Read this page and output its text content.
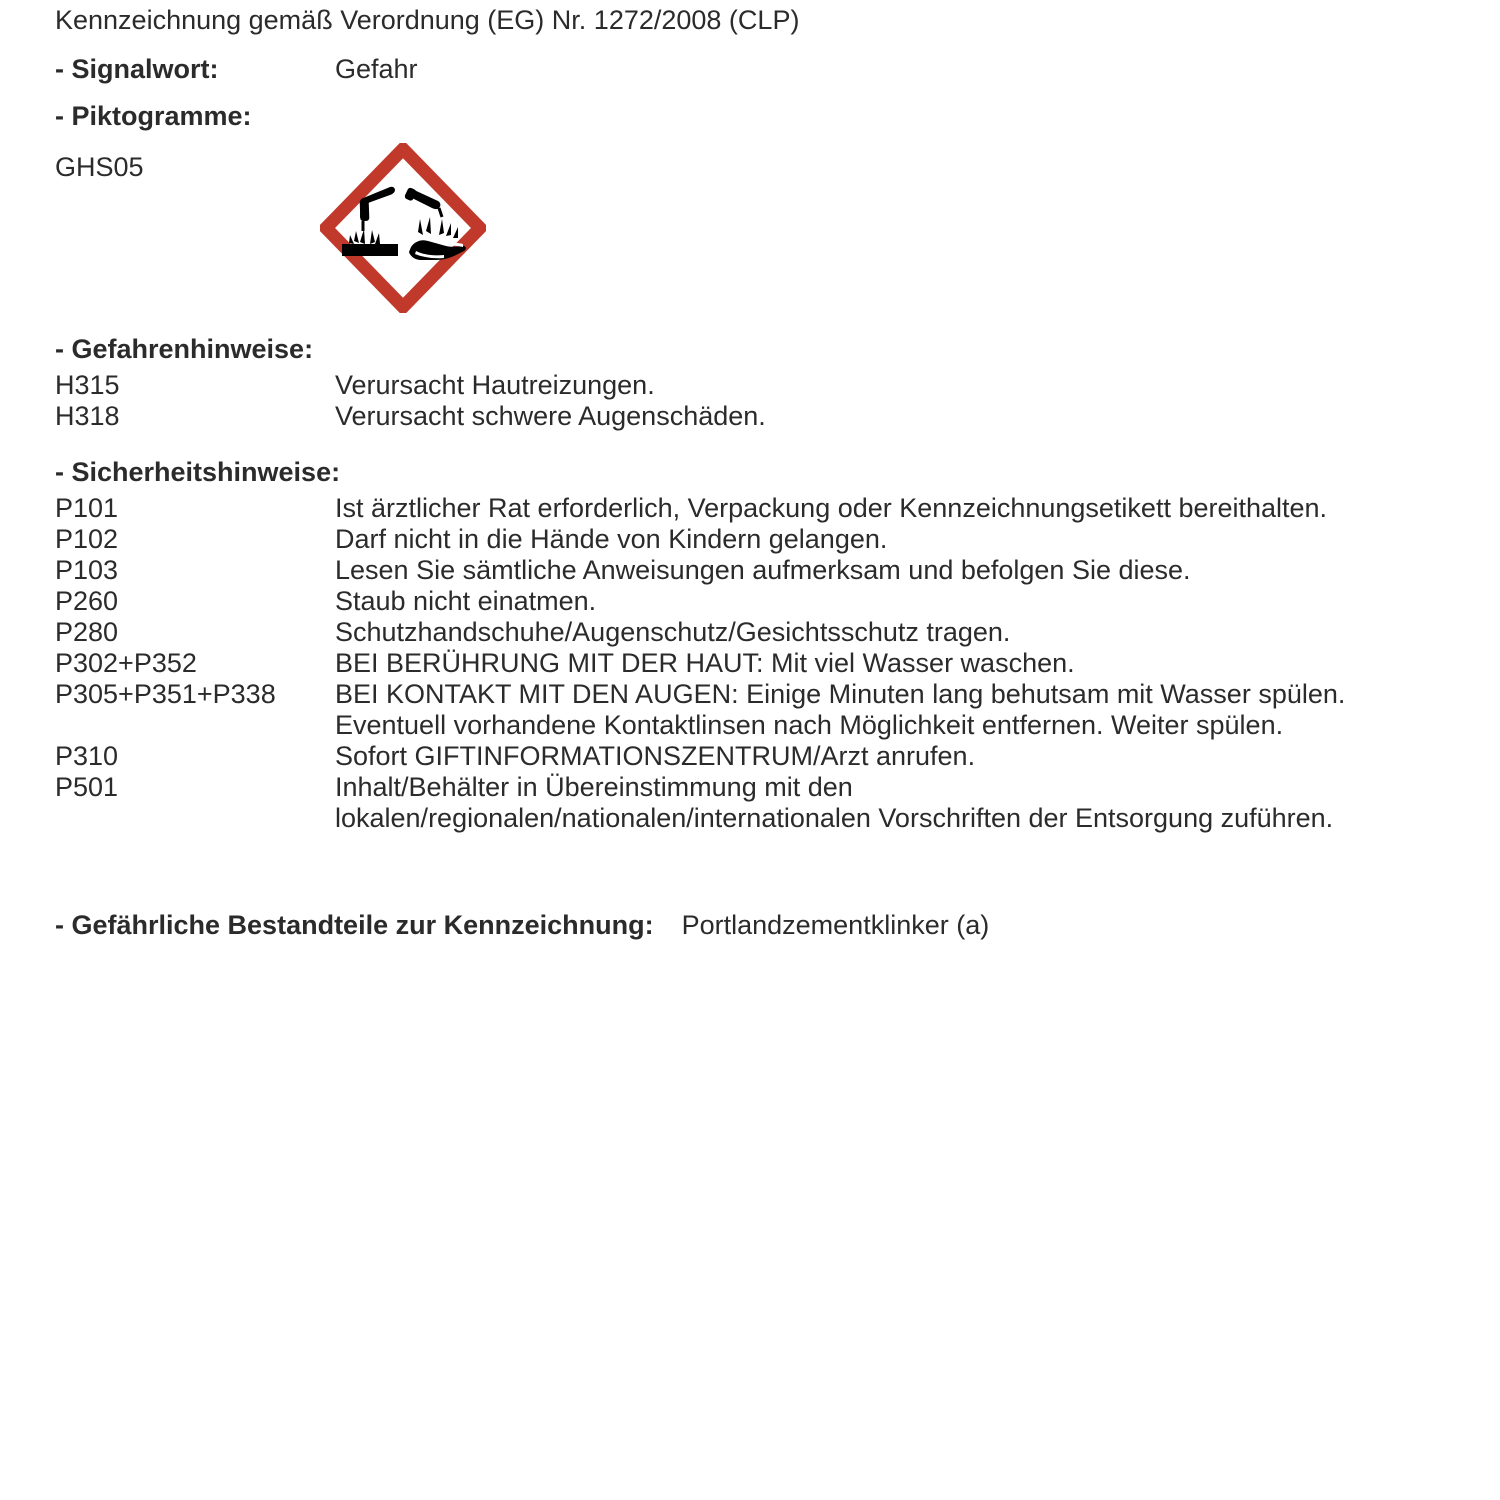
Kennzeichnung gemäß Verordnung (EG) Nr. 1272/2008 (CLP)
- Signalwort:	Gefahr
- Piktogramme:
GHS05
- Gefahrenhinweise:
H315	Verursacht Hautreizungen.
H318	Verursacht schwere Augenschäden.
- Sicherheitshinweise:
P101	Ist ärztlicher Rat erforderlich, Verpackung oder Kennzeichnungsetikett bereithalten.
P102	Darf nicht in die Hände von Kindern gelangen.
P103	Lesen Sie sämtliche Anweisungen aufmerksam und befolgen Sie diese.
P260	Staub nicht einatmen.
P280	Schutzhandschuhe/Augenschutz/Gesichtsschutz tragen.
P302+P352	BEI BERÜHRUNG MIT DER HAUT: Mit viel Wasser waschen.
P305+P351+P338	BEI KONTAKT MIT DEN AUGEN: Einige Minuten lang behutsam mit Wasser spülen. Eventuell vorhandene Kontaktlinsen nach Möglichkeit entfernen. Weiter spülen.
P310	Sofort GIFTINFORMATIONSZENTRUM/Arzt anrufen.
P501	Inhalt/Behälter in Übereinstimmung mit den lokalen/regionalen/nationalen/internationalen Vorschriften der Entsorgung zuführen.
- Gefährliche Bestandteile zur Kennzeichnung: Portlandzementklinker (a)
